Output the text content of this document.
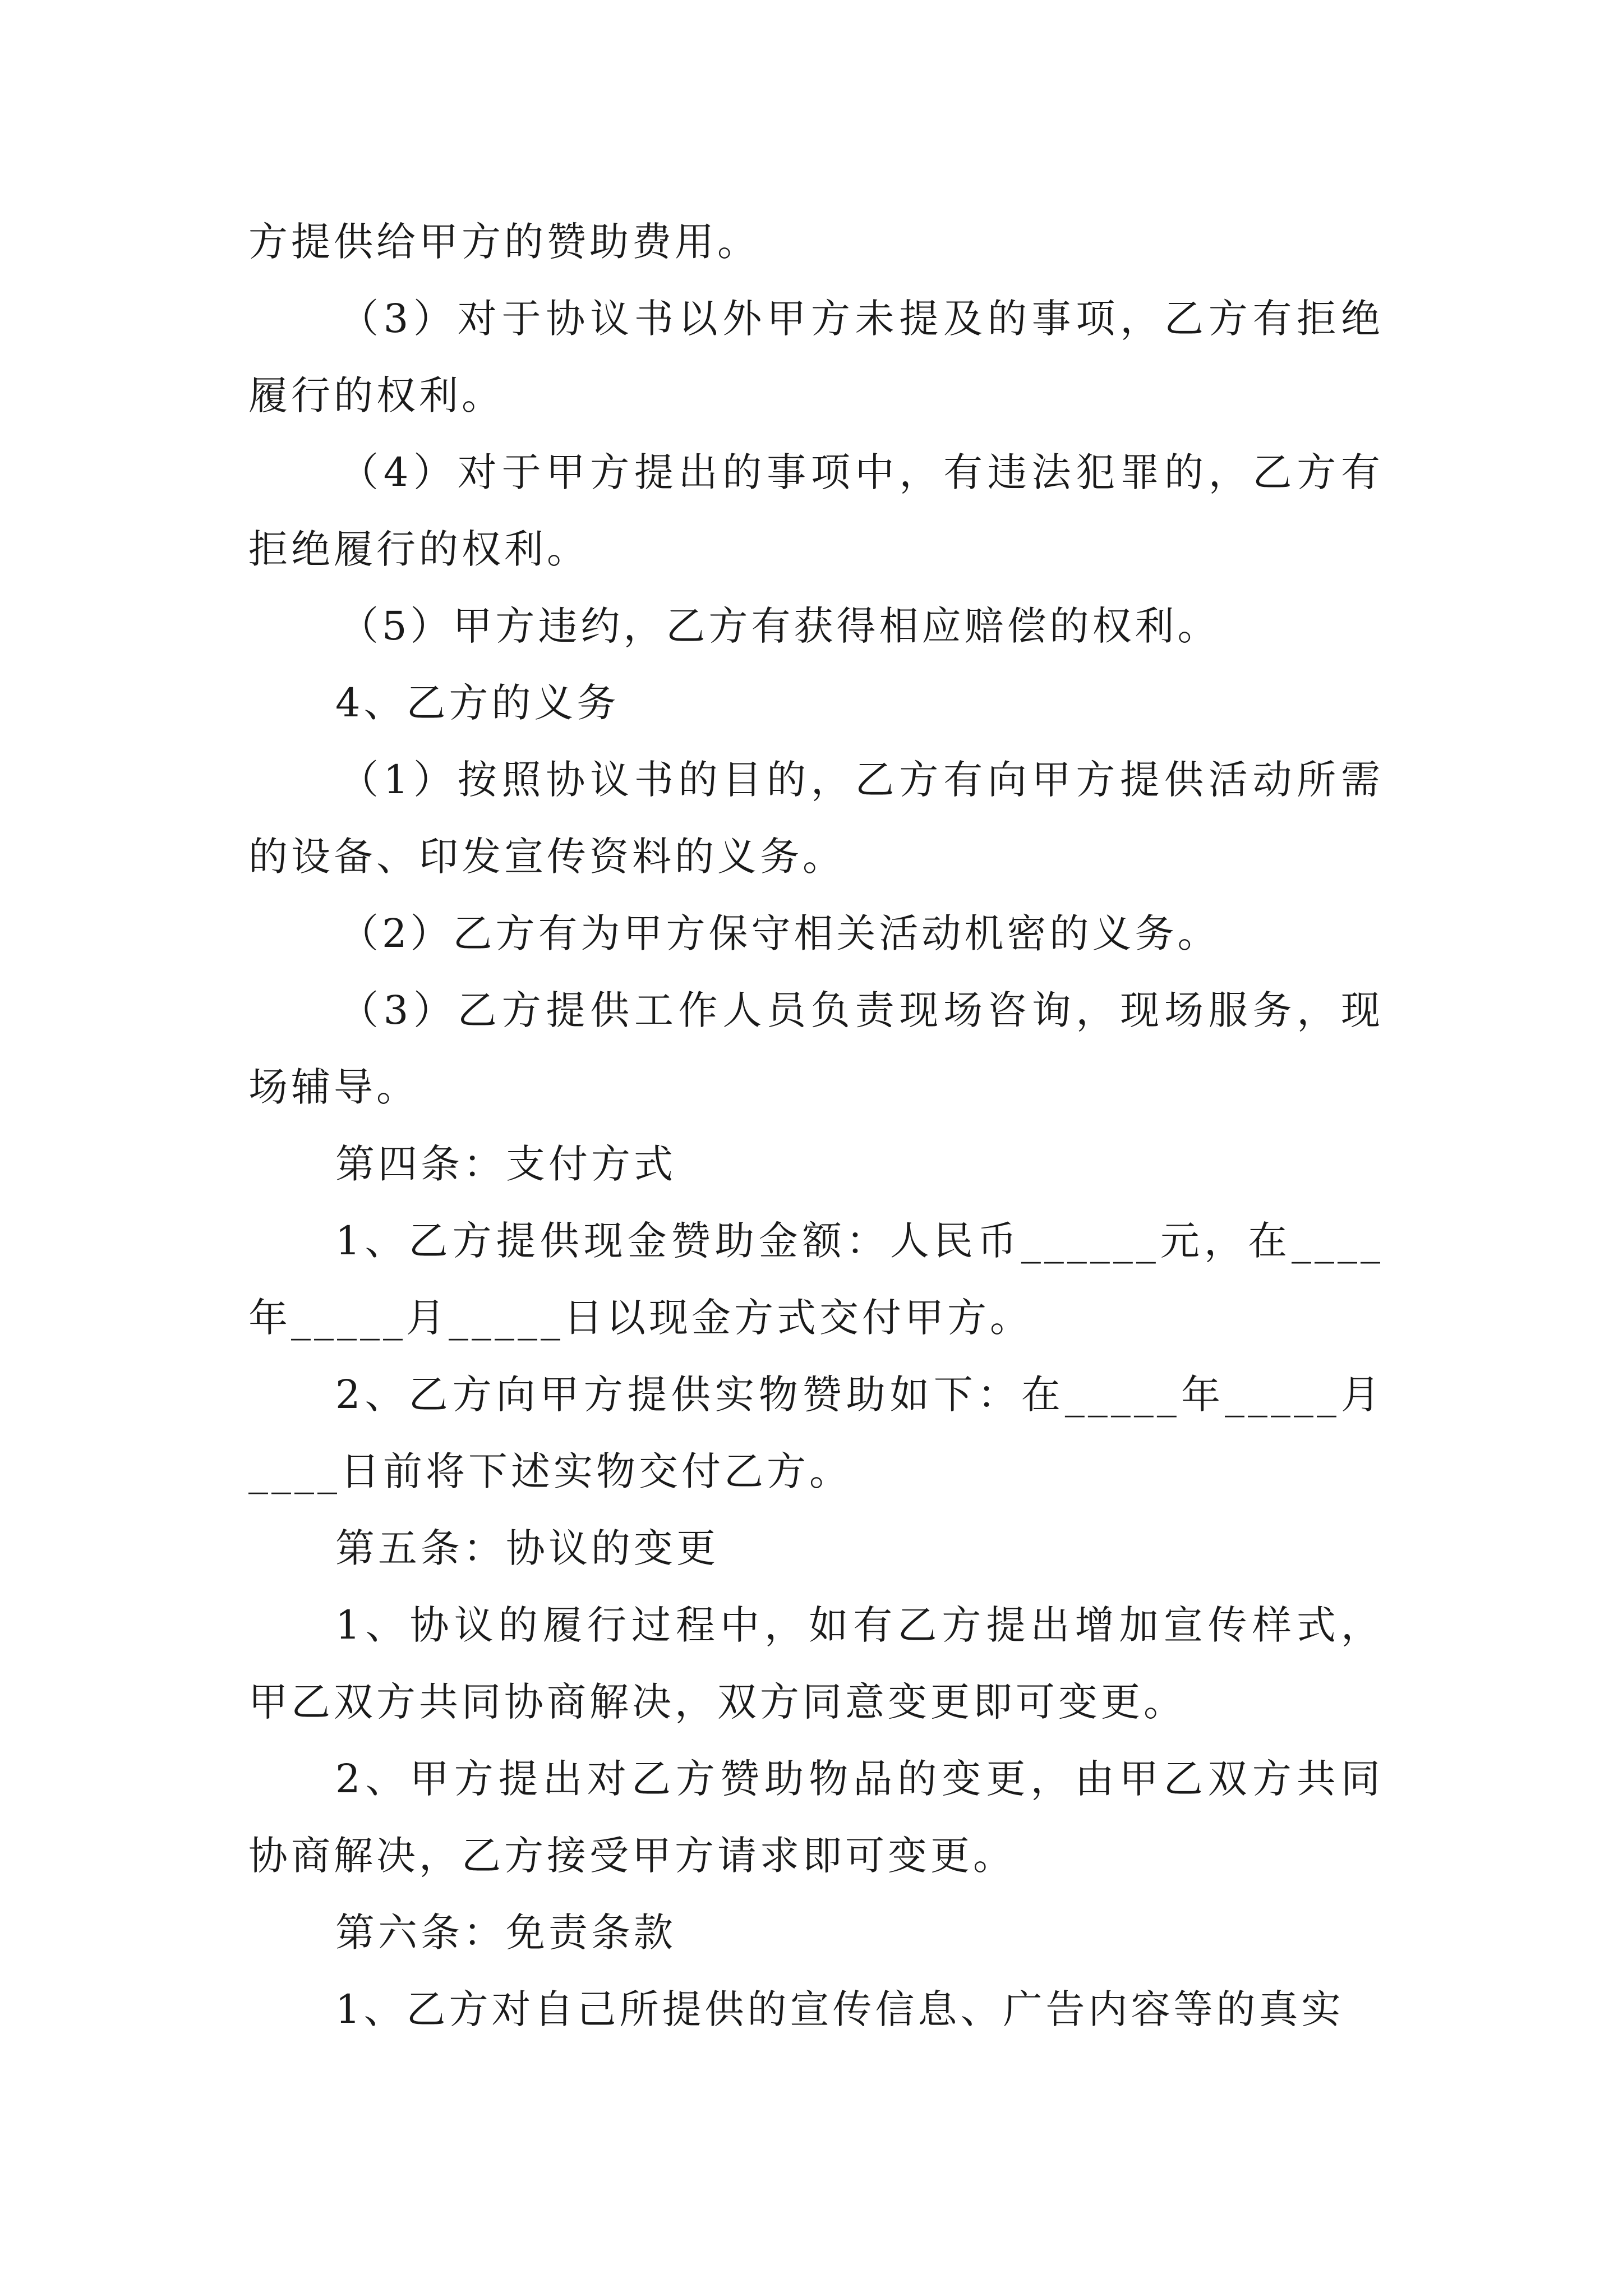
方提供给甲方的赞助费用。

（3）对于协议书以外甲方未提及的事项，乙方有拒绝履行的权利。

（4）对于甲方提出的事项中，有违法犯罪的，乙方有拒绝履行的权利。

（5）甲方违约，乙方有获得相应赔偿的权利。

4、乙方的义务

（1）按照协议书的目的，乙方有向甲方提供活动所需的设备、印发宣传资料的义务。

（2）乙方有为甲方保守相关活动机密的义务。

（3）乙方提供工作人员负责现场咨询，现场服务，现场辅导。

第四条：支付方式

1、乙方提供现金赞助金额：人民币______元，在____年_____月_____日以现金方式交付甲方。

2、乙方向甲方提供实物赞助如下：在_____年_____月____日前将下述实物交付乙方。

第五条：协议的变更

1、协议的履行过程中，如有乙方提出增加宣传样式，甲乙双方共同协商解决，双方同意变更即可变更。

2、甲方提出对乙方赞助物品的变更，由甲乙双方共同协商解决，乙方接受甲方请求即可变更。

第六条：免责条款

1、乙方对自己所提供的宣传信息、广告内容等的真实
